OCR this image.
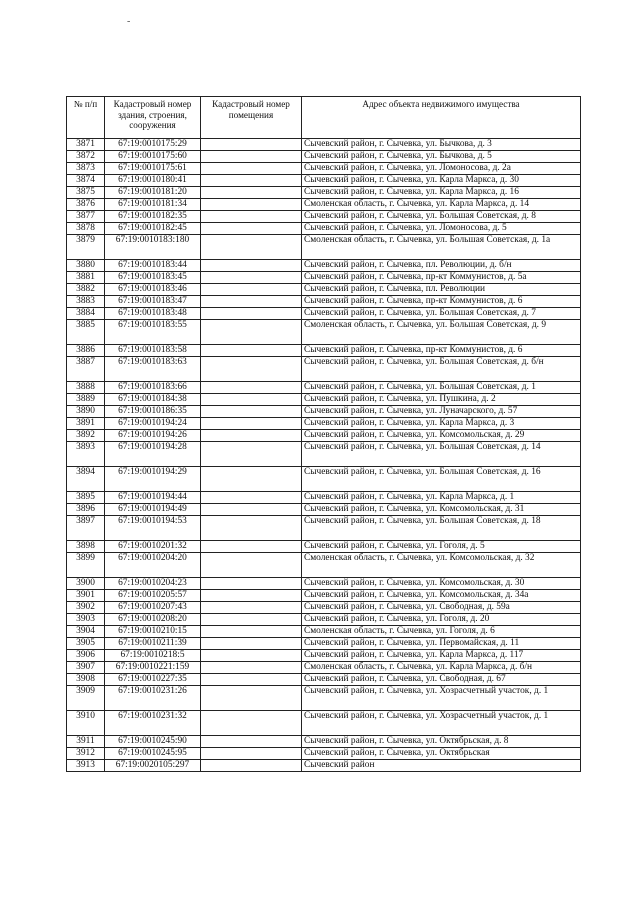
-
№ п/п	Кадастровый номер здания, строения, сооружения	Кадастровый номер помещения	Адрес объекта недвижимого имущества
3871	67:19:0010175:29		Сычевский район, г. Сычевка, ул. Бычкова, д. 3
3872	67:19:0010175:60		Сычевский район, г. Сычевка, ул. Бычкова, д. 5
3873	67:19:0010175:61		Сычевский район, г. Сычевка, ул. Ломоносова, д. 2а
3874	67:19:0010180:41		Сычевский район, г. Сычевка, ул. Карла Маркса, д. 30
3875	67:19:0010181:20		Сычевский район, г. Сычевка, ул. Карла Маркса, д. 16
3876	67:19:0010181:34		Смоленская область, г. Сычевка, ул. Карла Маркса, д. 14
3877	67:19:0010182:35		Сычевский район, г. Сычевка, ул. Большая Советская, д. 8
3878	67:19:0010182:45		Сычевский район, г. Сычевка, ул. Ломоносова, д. 5
3879	67:19:0010183:180		Смоленская область, г. Сычевка, ул. Большая Советская, д. 1а
3880	67:19:0010183:44		Сычевский район, г. Сычевка, пл. Революции, д. б/н
3881	67:19:0010183:45		Сычевский район, г. Сычевка, пр-кт Коммунистов, д. 5а
3882	67:19:0010183:46		Сычевский район, г. Сычевка, пл. Революции
3883	67:19:0010183:47		Сычевский район, г. Сычевка, пр-кт Коммунистов, д. 6
3884	67:19:0010183:48		Сычевский район, г. Сычевка, ул. Большая Советская, д. 7
3885	67:19:0010183:55		Смоленская область, г. Сычевка, ул. Большая Советская, д. 9
3886	67:19:0010183:58		Сычевский район, г. Сычевка, пр-кт Коммунистов, д. 6
3887	67:19:0010183:63		Сычевский район, г. Сычевка, ул. Большая Советская, д. б/н
3888	67:19:0010183:66		Сычевский район, г. Сычевка, ул. Большая Советская, д. 1
3889	67:19:0010184:38		Сычевский район, г. Сычевка, ул. Пушкина, д. 2
3890	67:19:0010186:35		Сычевский район, г. Сычевка, ул. Луначарского, д. 57
3891	67:19:0010194:24		Сычевский район, г. Сычевка, ул. Карла Маркса, д. 3
3892	67:19:0010194:26		Сычевский район, г. Сычевка, ул. Комсомольская, д. 29
3893	67:19:0010194:28		Сычевский район, г. Сычевка, ул. Большая Советская, д. 14
3894	67:19:0010194:29		Сычевский район, г. Сычевка, ул. Большая Советская, д. 16
3895	67:19:0010194:44		Сычевский район, г. Сычевка, ул. Карла Маркса, д. 1
3896	67:19:0010194:49		Сычевский район, г. Сычевка, ул. Комсомольская, д. 31
3897	67:19:0010194:53		Сычевский район, г. Сычевка, ул. Большая Советская, д. 18
3898	67:19:0010201:32		Сычевский район, г. Сычевка, ул. Гоголя, д. 5
3899	67:19:0010204:20		Смоленская область, г. Сычевка, ул. Комсомольская, д. 32
3900	67:19:0010204:23		Сычевский район, г. Сычевка, ул. Комсомольская, д. 30
3901	67:19:0010205:57		Сычевский район, г. Сычевка, ул. Комсомольская, д. 34а
3902	67:19:0010207:43		Сычевский район, г. Сычевка, ул. Свободная, д. 59а
3903	67:19:0010208:20		Сычевский район, г. Сычевка, ул. Гоголя, д. 20
3904	67:19:0010210:15		Смоленская область, г. Сычевка, ул. Гоголя, д. 6
3905	67:19:0010211:39		Сычевский район, г. Сычевка, ул. Первомайская, д. 11
3906	67:19:0010218:5		Сычевский район, г. Сычевка, ул. Карла Маркса, д. 117
3907	67:19:0010221:159		Смоленская область, г. Сычевка, ул. Карла Маркса, д. б/н
3908	67:19:0010227:35		Сычевский район, г. Сычевка, ул. Свободная, д. 67
3909	67:19:0010231:26		Сычевский район, г. Сычевка, ул. Хозрасчетный участок, д. 1
3910	67:19:0010231:32		Сычевский район, г. Сычевка, ул. Хозрасчетный участок, д. 1
3911	67:19:0010245:90		Сычевский район, г. Сычевка, ул. Октябрьская, д. 8
3912	67:19:0010245:95		Сычевский район, г. Сычевка, ул. Октябрьская
3913	67:19:0020105:297		Сычевский район
